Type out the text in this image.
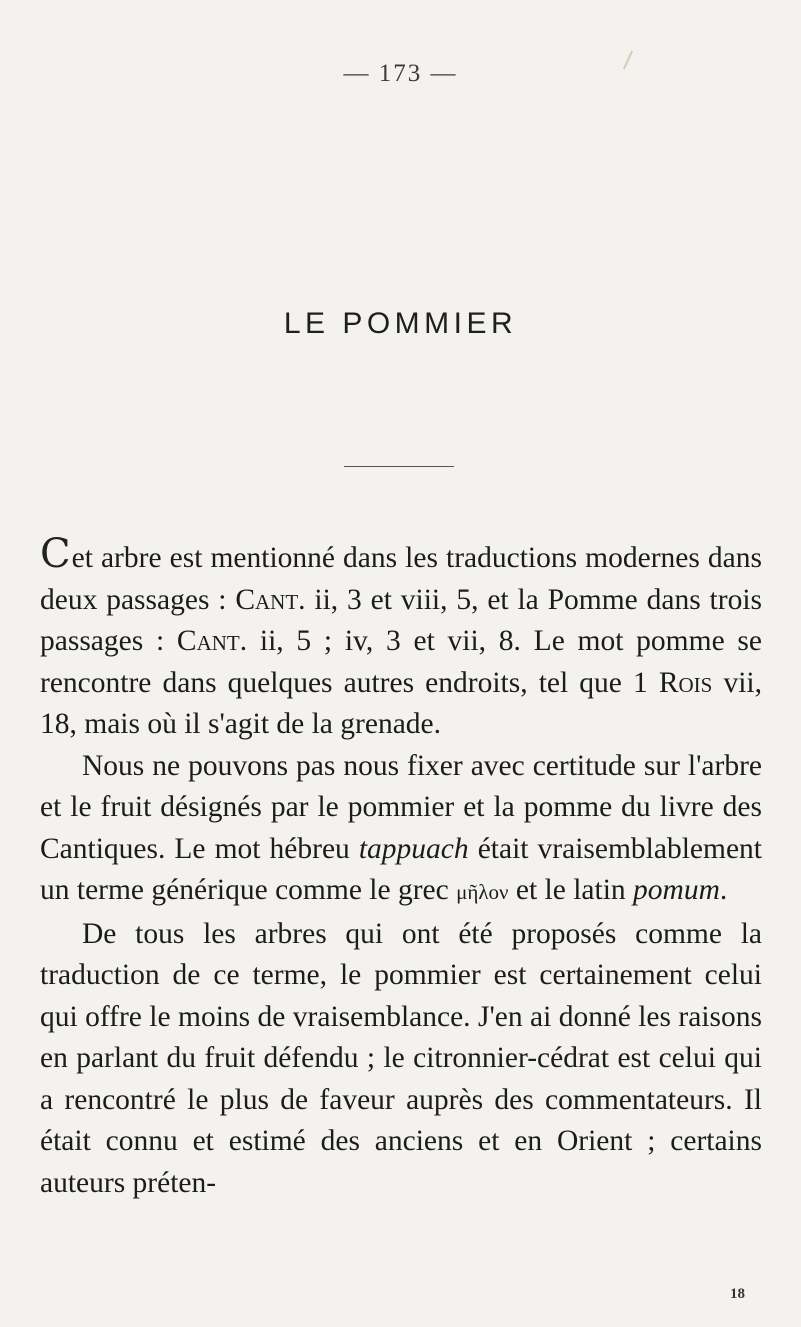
— 173 —
LE POMMIER

Cet arbre est mentionné dans les traductions modernes dans deux passages : Cant. ii, 3 et viii, 5, et la Pomme dans trois passages : Cant. ii, 5 ; iv, 3 et vii, 8. Le mot pomme se rencontre dans quelques autres endroits, tel que 1 Rois vii, 18, mais où il s'agit de la grenade.

Nous ne pouvons pas nous fixer avec certitude sur l'arbre et le fruit désignés par le pommier et la pomme du livre des Cantiques. Le mot hébreu tappuach était vraisemblablement un terme générique comme le grec μῆλον et le latin pomum.

De tous les arbres qui ont été proposés comme la traduction de ce terme, le pommier est certainement celui qui offre le moins de vraisemblance. J'en ai donné les raisons en parlant du fruit défendu ; le citronnier-cédrat est celui qui a rencontré le plus de faveur auprès des commentateurs. Il était connu et estimé des anciens et en Orient ; certains auteurs préten-

18
